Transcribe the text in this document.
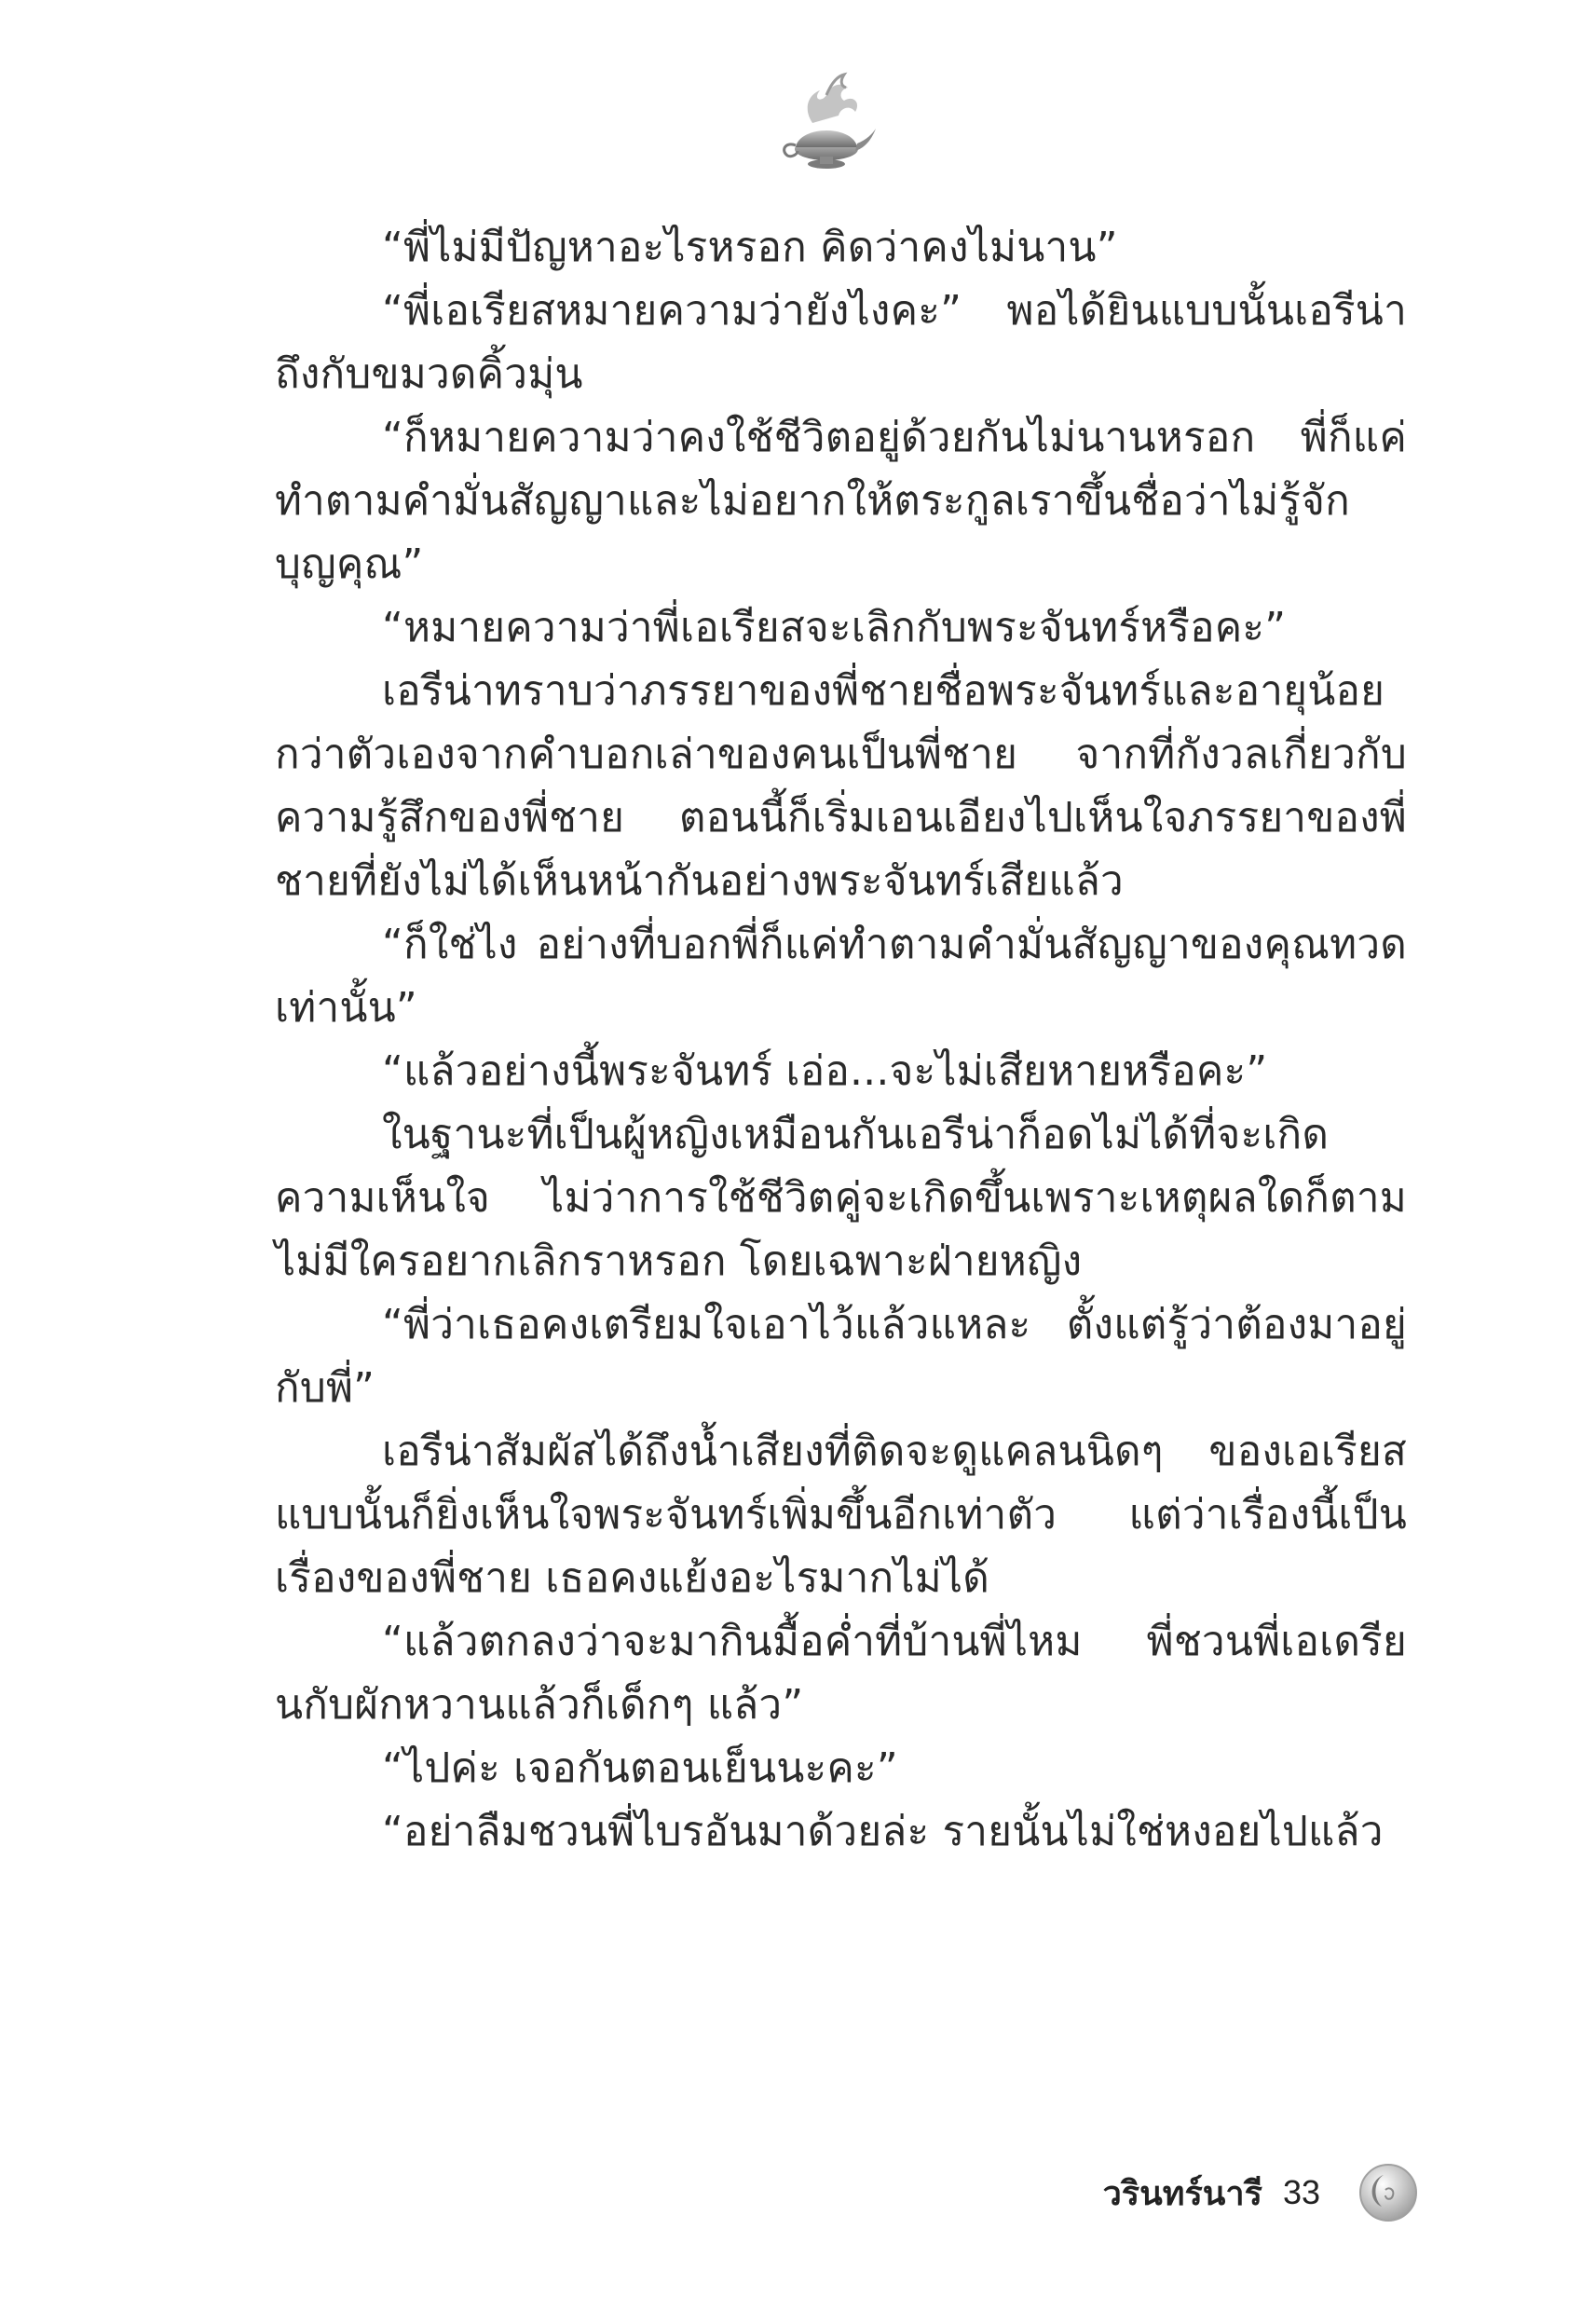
“พี่ไม่มีปัญหาอะไรหรอก คิดว่าคงไม่นาน”

“พี่เอเรียสหมายความว่ายังไงคะ” พอได้ยินแบบนั้นเอรีน่าถึงกับขมวดคิ้วมุ่น

“ก็หมายความว่าคงใช้ชีวิตอยู่ด้วยกันไม่นานหรอก พี่ก็แค่ทำตามคำมั่นสัญญาและไม่อยากให้ตระกูลเราขึ้นชื่อว่าไม่รู้จักบุญคุณ”

“หมายความว่าพี่เอเรียสจะเลิกกับพระจันทร์หรือคะ”

เอรีน่าทราบว่าภรรยาของพี่ชายชื่อพระจันทร์และอายุน้อยกว่าตัวเองจากคำบอกเล่าของคนเป็นพี่ชาย จากที่กังวลเกี่ยวกับความรู้สึกของพี่ชาย ตอนนี้ก็เริ่มเอนเอียงไปเห็นใจภรรยาของพี่ชายที่ยังไม่ได้เห็นหน้ากันอย่างพระจันทร์เสียแล้ว

“ก็ใช่ไง อย่างที่บอกพี่ก็แค่ทำตามคำมั่นสัญญาของคุณทวดเท่านั้น”

“แล้วอย่างนี้พระจันทร์ เอ่อ...จะไม่เสียหายหรือคะ”

ในฐานะที่เป็นผู้หญิงเหมือนกันเอรีน่าก็อดไม่ได้ที่จะเกิดความเห็นใจ ไม่ว่าการใช้ชีวิตคู่จะเกิดขึ้นเพราะเหตุผลใดก็ตามไม่มีใครอยากเลิกราหรอก โดยเฉพาะฝ่ายหญิง

“พี่ว่าเธอคงเตรียมใจเอาไว้แล้วแหละ ตั้งแต่รู้ว่าต้องมาอยู่กับพี่”

เอรีน่าสัมผัสได้ถึงน้ำเสียงที่ติดจะดูแคลนนิดๆ ของเอเรียสแบบนั้นก็ยิ่งเห็นใจพระจันทร์เพิ่มขึ้นอีกเท่าตัว แต่ว่าเรื่องนี้เป็นเรื่องของพี่ชาย เธอคงแย้งอะไรมากไม่ได้

“แล้วตกลงว่าจะมากินมื้อค่ำที่บ้านพี่ไหม พี่ชวนพี่เอเดรียนกับผักหวานแล้วก็เด็กๆ แล้ว”

“ไปค่ะ เจอกันตอนเย็นนะคะ”

“อย่าลืมชวนพี่ไบรอันมาด้วยล่ะ รายนั้นไม่ใช่หงอยไปแล้ว

วรินทร์นารี 33
